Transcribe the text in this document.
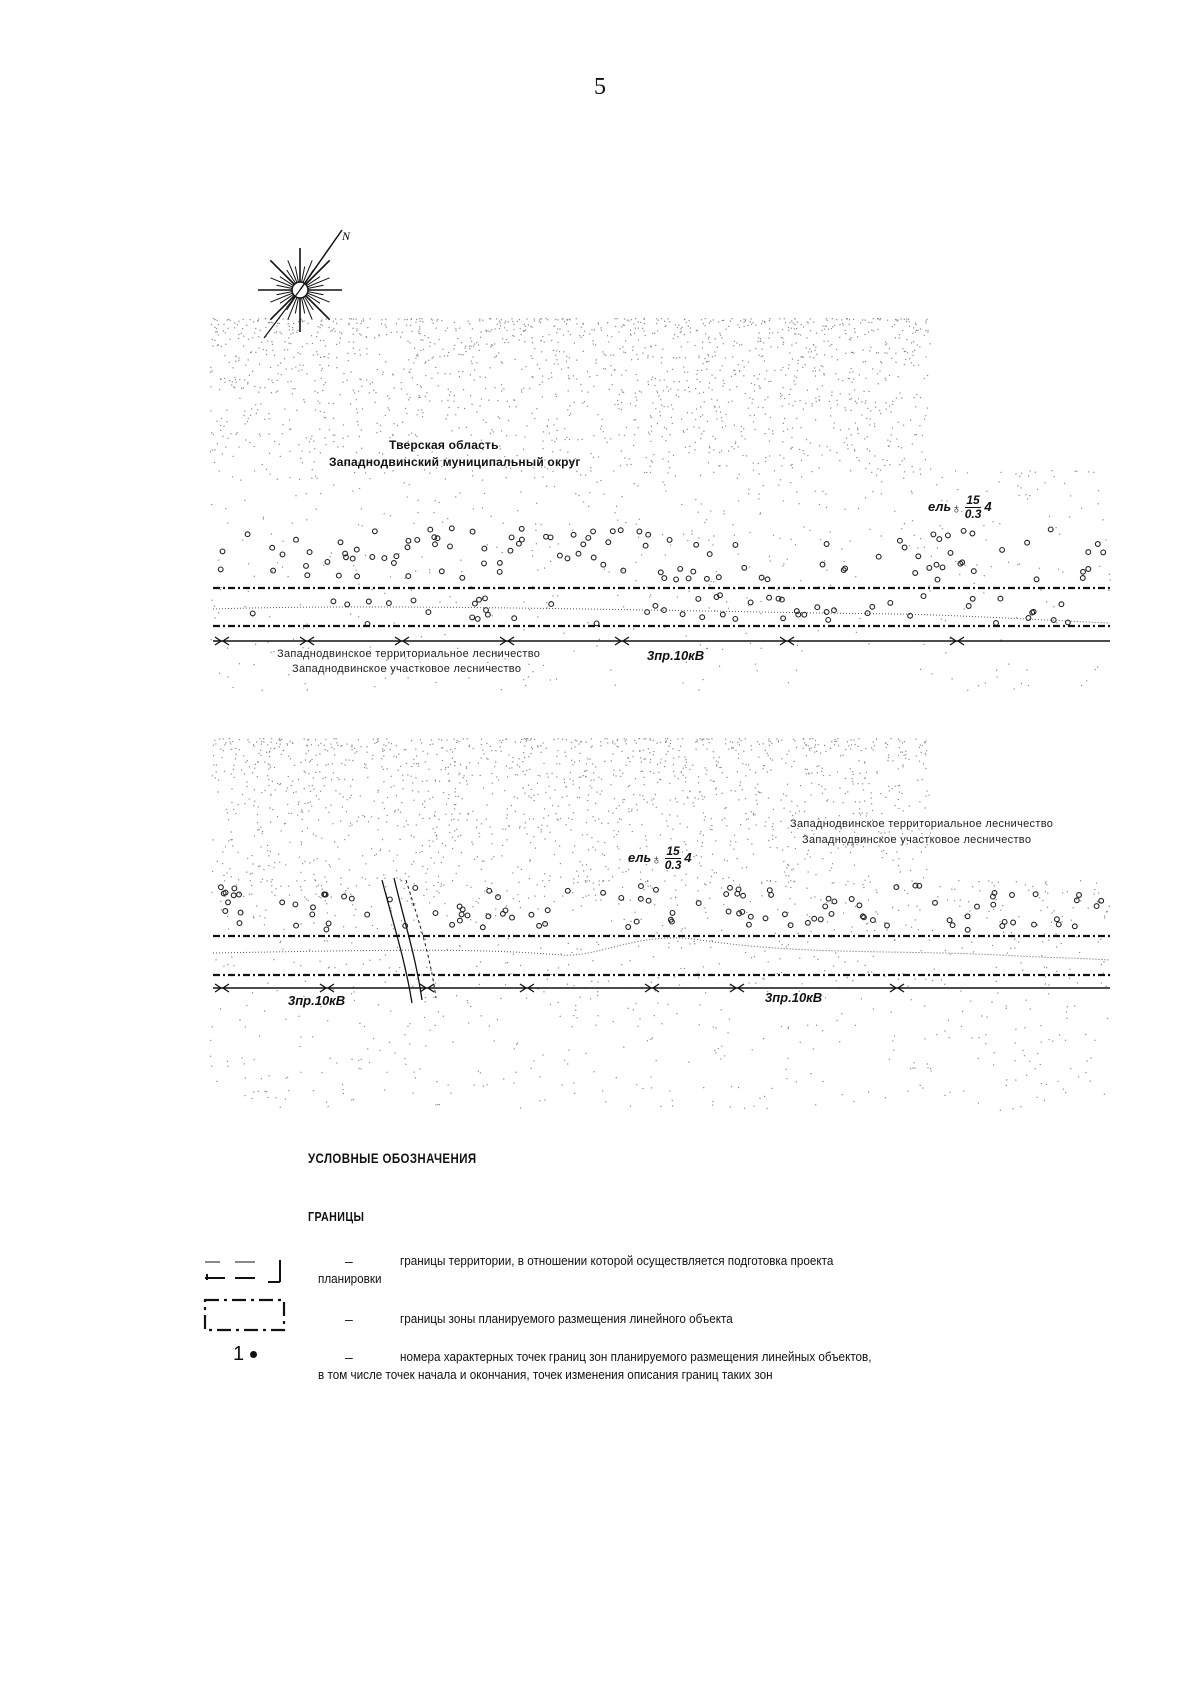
5
N
Тверская область
Западнодвинский муниципальный округ
ель♁ $\frac{15}{0.3} 4$
Западнодвинское территориальное лесничество
Западнодвинское участковое лесничество
3пр.10кВ
Западнодвинское территориальное лесничество
Западнодвинское участковое лесничество
ель♁ $\frac{15}{0.3} 4$
3пр.10кВ	3пр.10кВ
УСЛОВНЫЕ ОБОЗНАЧЕНИЯ
ГРАНИЦЫ
–	границы территории, в отношении которой осуществляется подготовка проекта
планировки
–	границы зоны планируемого размещения линейного объекта
1	–	номера характерных точек границ зон планируемого размещения линейных объектов,
в том числе точек начала и окончания, точек изменения описания границ таких зон
